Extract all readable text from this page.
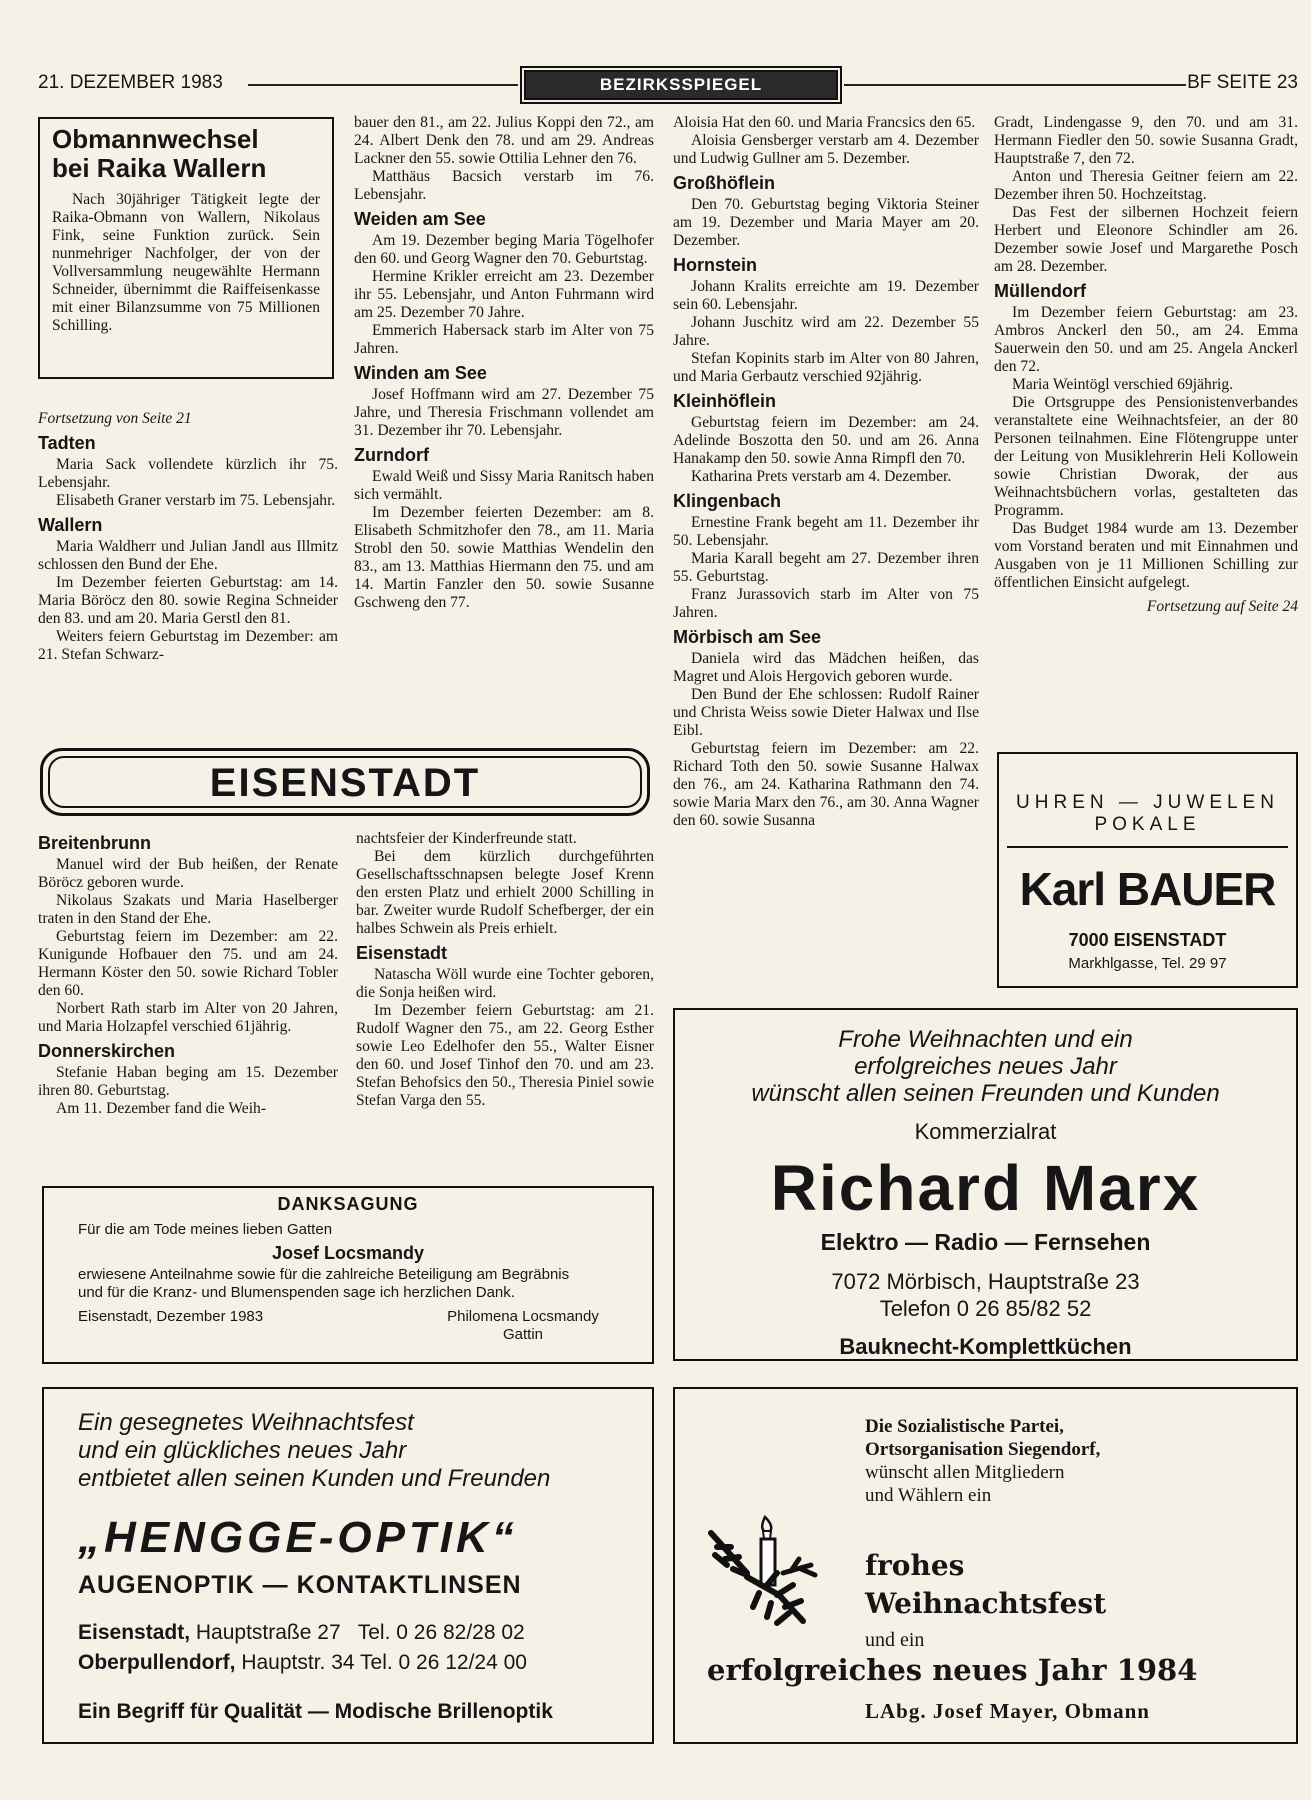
21. DEZEMBER 1983	BEZIRKSSPIEGEL	BF SEITE 23
Obmannwechsel
bei Raika Wallern

Nach 30jähriger Tätigkeit legte der Raika-Obmann von Wallern, Nikolaus Fink, seine Funktion zurück. Sein nunmehriger Nachfolger, der von der Vollversammlung neugewählte Hermann Schneider, übernimmt die Raiffeisenkasse mit einer Bilanzsumme von 75 Millionen Schilling.

Fortsetzung von Seite 21
Tadten

Maria Sack vollendete kürzlich ihr 75. Lebensjahr.

Elisabeth Graner verstarb im 75. Lebensjahr.

Wallern

Maria Waldherr und Julian Jandl aus Illmitz schlossen den Bund der Ehe.

Im Dezember feierten Geburtstag: am 14. Maria Böröcz den 80. sowie Regina Schneider den 83. und am 20. Maria Gerstl den 81.

Weiters feiern Geburtstag im Dezember: am 21. Stefan Schwarz-

bauer den 81., am 22. Julius Koppi den 72., am 24. Albert Denk den 78. und am 29. Andreas Lackner den 55. sowie Ottilia Lehner den 76.

Matthäus Bacsich verstarb im 76. Lebensjahr.

Weiden am See

Am 19. Dezember beging Maria Tögelhofer den 60. und Georg Wagner den 70. Geburtstag.

Hermine Krikler erreicht am 23. Dezember ihr 55. Lebensjahr, und Anton Fuhrmann wird am 25. Dezember 70 Jahre.

Emmerich Habersack starb im Alter von 75 Jahren.

Winden am See

Josef Hoffmann wird am 27. Dezember 75 Jahre, und Theresia Frischmann vollendet am 31. Dezember ihr 70. Lebensjahr.

Zurndorf

Ewald Weiß und Sissy Maria Ranitsch haben sich vermählt.

Im Dezember feierten Dezember: am 8. Elisabeth Schmitzhofer den 78., am 11. Maria Strobl den 50. sowie Matthias Wendelin den 83., am 13. Matthias Hiermann den 75. und am 14. Martin Fanzler den 50. sowie Susanne Gschweng den 77.

Aloisia Hat den 60. und Maria Francsics den 65.

Aloisia Gensberger verstarb am 4. Dezember und Ludwig Gullner am 5. Dezember.

Großhöflein

Den 70. Geburtstag beging Viktoria Steiner am 19. Dezember und Maria Mayer am 20. Dezember.

Hornstein

Johann Kralits erreichte am 19. Dezember sein 60. Lebensjahr.

Johann Juschitz wird am 22. Dezember 55 Jahre.

Stefan Kopinits starb im Alter von 80 Jahren, und Maria Gerbautz verschied 92jährig.

Kleinhöflein

Geburtstag feiern im Dezember: am 24. Adelinde Boszotta den 50. und am 26. Anna Hanakamp den 50. sowie Anna Rimpfl den 70.

Katharina Prets verstarb am 4. Dezember.

Klingenbach

Ernestine Frank begeht am 11. Dezember ihr 50. Lebensjahr.

Maria Karall begeht am 27. Dezember ihren 55. Geburtstag.

Franz Jurassovich starb im Alter von 75 Jahren.

Mörbisch am See

Daniela wird das Mädchen heißen, das Magret und Alois Hergovich geboren wurde.

Den Bund der Ehe schlossen: Rudolf Rainer und Christa Weiss sowie Dieter Halwax und Ilse Eibl.

Geburtstag feiern im Dezember: am 22. Richard Toth den 50. sowie Susanne Halwax den 76., am 24. Katharina Rathmann den 74. sowie Maria Marx den 76., am 30. Anna Wagner den 60. sowie Susanna

Gradt, Lindengasse 9, den 70. und am 31. Hermann Fiedler den 50. sowie Susanna Gradt, Hauptstraße 7, den 72.

Anton und Theresia Geitner feiern am 22. Dezember ihren 50. Hochzeitstag.

Das Fest der silbernen Hochzeit feiern Herbert und Eleonore Schindler am 26. Dezember sowie Josef und Margarethe Posch am 28. Dezember.

Müllendorf

Im Dezember feiern Geburtstag: am 23. Ambros Anckerl den 50., am 24. Emma Sauerwein den 50. und am 25. Angela Anckerl den 72.

Maria Weintögl verschied 69jährig.

Die Ortsgruppe des Pensionistenverbandes veranstaltete eine Weihnachtsfeier, an der 80 Personen teilnahmen. Eine Flötengruppe unter der Leitung von Musiklehrerin Heli Kollowein sowie Christian Dworak, der aus Weihnachtsbüchern vorlas, gestalteten das Programm.

Das Budget 1984 wurde am 13. Dezember vom Vorstand beraten und mit Einnahmen und Ausgaben von je 11 Millionen Schilling zur öffentlichen Einsicht aufgelegt.

Fortsetzung auf Seite 24
EISENSTADT
Breitenbrunn

Manuel wird der Bub heißen, der Renate Böröcz geboren wurde.

Nikolaus Szakats und Maria Haselberger traten in den Stand der Ehe.

Geburtstag feiern im Dezember: am 22. Kunigunde Hofbauer den 75. und am 24. Hermann Köster den 50. sowie Richard Tobler den 60.

Norbert Rath starb im Alter von 20 Jahren, und Maria Holzapfel verschied 61jährig.

Donnerskirchen

Stefanie Haban beging am 15. Dezember ihren 80. Geburtstag.

Am 11. Dezember fand die Weih-

nachtsfeier der Kinderfreunde statt.

Bei dem kürzlich durchgeführten Gesellschaftsschnapsen belegte Josef Krenn den ersten Platz und erhielt 2000 Schilling in bar. Zweiter wurde Rudolf Schefberger, der ein halbes Schwein als Preis erhielt.

Eisenstadt

Natascha Wöll wurde eine Tochter geboren, die Sonja heißen wird.

Im Dezember feiern Geburtstag: am 21. Rudolf Wagner den 75., am 22. Georg Esther sowie Leo Edelhofer den 55., Walter Eisner den 60. und Josef Tinhof den 70. und am 23. Stefan Behofsics den 50., Theresia Piniel sowie Stefan Varga den 55.

UHREN — JUWELEN
POKALE
Karl BAUER
7000 EISENSTADT
Markhlgasse, Tel. 29 97
Frohe Weihnachten und ein
erfolgreiches neues Jahr
wünscht allen seinen Freunden und Kunden
Kommerzialrat
Richard Marx
Elektro — Radio — Fernsehen
7072 Mörbisch, Hauptstraße 23
Telefon 0 26 85/82 52
Bauknecht-Komplettküchen
DANKSAGUNG
Für die am Tode meines lieben Gatten
Josef Locsmandy
erwiesene Anteilnahme sowie für die zahlreiche Beteiligung am Begräbnis
und für die Kranz- und Blumenspenden sage ich herzlichen Dank.
Eisenstadt, Dezember 1983	Philomena Locsmandy
Gattin
Ein gesegnetes Weihnachtsfest
und ein glückliches neues Jahr
entbietet allen seinen Kunden und Freunden
„HENGGE-OPTIK“
AUGENOPTIK — KONTAKTLINSEN
Eisenstadt, Hauptstraße 27   Tel. 0 26 82/28 02
Oberpullendorf, Hauptstr. 34 Tel. 0 26 12/24 00
Ein Begriff für Qualität — Modische Brillenoptik
Die Sozialistische Partei,
Ortsorganisation Siegendorf,
wünscht allen Mitgliedern
und Wählern ein
frohes
Weihnachtsfest
und ein
erfolgreiches neues Jahr 1984
LAbg. Josef Mayer, Obmann
